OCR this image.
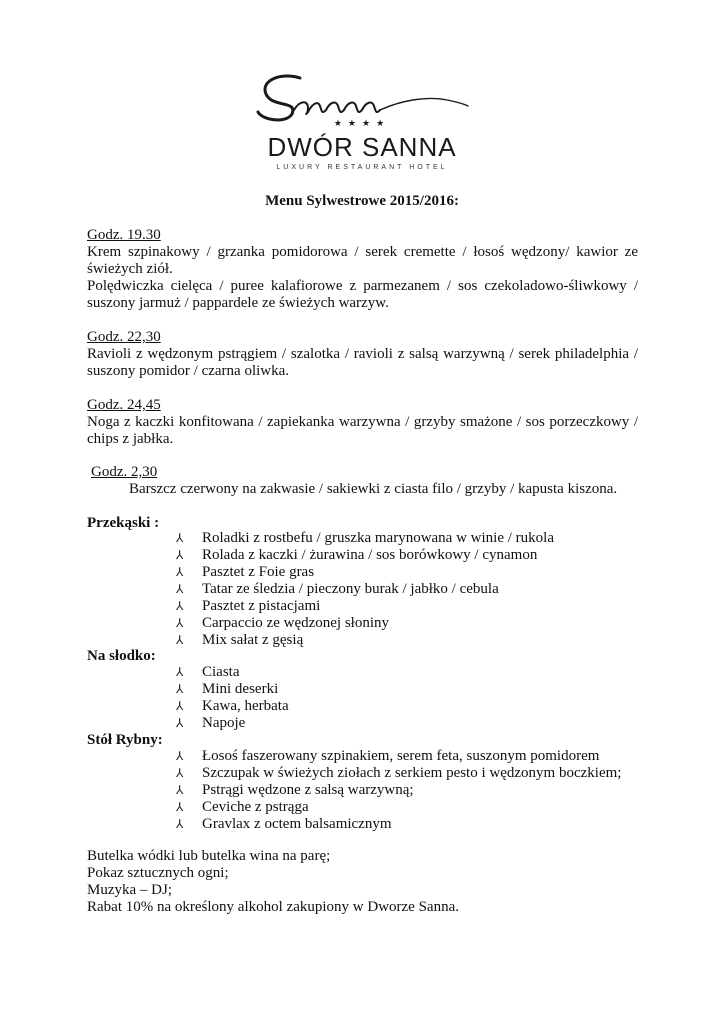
★★★★
DWÓR SANNA
LUXURY RESTAURANT HOTEL
Menu Sylwestrowe 2015/2016:
Godz. 19.30
Krem szpinakowy / grzanka pomidorowa / serek cremette / łosoś wędzony/ kawior ze świeżych ziół.
Polędwiczka cielęca / puree kalafiorowe z parmezanem / sos czekoladowo-śliwkowy / suszony jarmuż / pappardele ze świeżych warzyw.
Godz. 22,30
Ravioli z wędzonym pstrągiem / szalotka / ravioli z salsą warzywną / serek philadelphia / suszony pomidor / czarna oliwka.
Godz. 24,45
Noga z kaczki konfitowana / zapiekanka warzywna / grzyby smażone / sos porzeczkowy / chips z jabłka.
Godz. 2,30
Barszcz czerwony na zakwasie / sakiewki z ciasta filo / grzyby / kapusta kiszona.
Przekąski :
⅄ Roladki z rostbefu / gruszka marynowana w winie / rukola
⅄ Rolada z kaczki / żurawina / sos borówkowy / cynamon
⅄ Pasztet z Foie gras
⅄ Tatar ze śledzia / pieczony burak / jabłko / cebula
⅄ Pasztet z pistacjami
⅄ Carpaccio ze wędzonej słoniny
⅄ Mix sałat z gęsią
Na słodko:
⅄ Ciasta
⅄ Mini deserki
⅄ Kawa, herbata
⅄ Napoje
Stół Rybny:
⅄ Łosoś faszerowany szpinakiem, serem feta, suszonym pomidorem
⅄ Szczupak w świeżych ziołach z serkiem pesto i wędzonym boczkiem;
⅄ Pstrągi wędzone z salsą warzywną;
⅄ Ceviche z pstrąga
⅄ Gravlax z octem balsamicznym
Butelka wódki lub butelka wina na parę;
Pokaz sztucznych ogni;
Muzyka – DJ;
Rabat 10% na określony alkohol zakupiony w Dworze Sanna.
